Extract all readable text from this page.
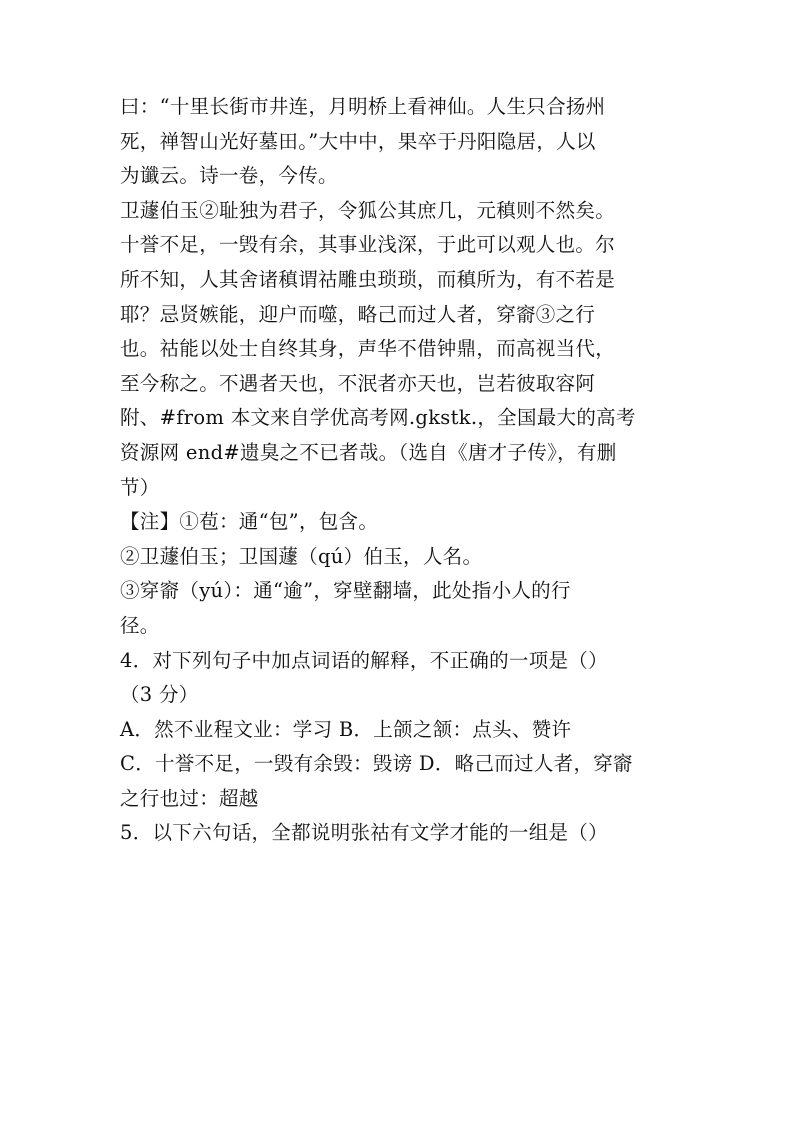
曰：“十里长街市井连，月明桥上看神仙。人生只合扬州
死，禅智山光好墓田。”大中中，果卒于丹阳隐居，人以
为谶云。诗一卷，今传。
卫蘧伯玉②耻独为君子，令狐公其庶几，元稹则不然矣。
十誉不足，一毁有余，其事业浅深，于此可以观人也。尔
所不知，人其舍诸稹谓祜雕虫琐琐，而稹所为，有不若是
耶？忌贤嫉能，迎户而噬，略己而过人者，穿窬③之行
也。祜能以处士自终其身，声华不借钟鼎，而高视当代，
至今称之。不遇者天也，不泯者亦天也，岂若彼取容阿
附、#from 本文来自学优高考网.gkstk.，全国最大的高考
资源网 end#遗臭之不已者哉。（选自《唐才子传》，有删
节）
【注】①苞：通“包”，包含。
②卫蘧伯玉；卫国蘧（qú）伯玉，人名。
③穿窬（yú）：通“逾”，穿壁翻墙，此处指小人的行
径。
4．对下列句子中加点词语的解释，不正确的一项是（）
（3 分）
A．然不业程文业：学习 B．上颌之颔：点头、赞许
C．十誉不足，一毁有余毁：毁谤 D．略己而过人者，穿窬
之行也过：超越
5．以下六句话，全都说明张祜有文学才能的一组是（）
